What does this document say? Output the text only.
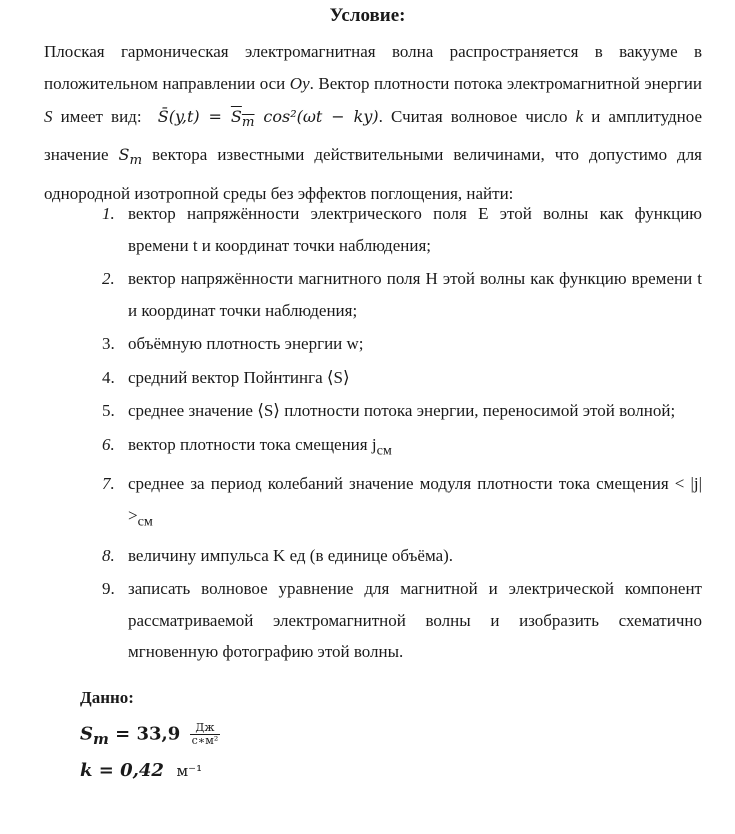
Условие:
Плоская гармоническая электромагнитная волна распространяется в вакууме в положительном направлении оси Oy. Вектор плотности потока электромагнитной энергии S имеет вид:  S̄(y,t) = $S_m$ cos²(ωt − ky). Считая волновое число k и амплитудное значение $S_m$ вектора известными действительными величинами, что допустимо для однородной изотропной среды без эффектов поглощения, найти:
1. вектор напряжённости электрического поля E этой волны как функцию времени t и координат точки наблюдения;
2. вектор напряжённости магнитного поля H этой волны как функцию времени t и координат точки наблюдения;
3. объёмную плотность энергии w;
4. средний вектор Пойнтинга ⟨S⟩
5. среднее значение ⟨S⟩ плотности потока энергии, переносимой этой волной;
6. вектор плотности тока смещения $j_{см}$
7. среднее за период колебаний значение модуля плотности тока смещения < $|j| >_{см}$
8. величину импульса K ед (в единице объёма).
9. записать волновое уравнение для магнитной и электрической компонент рассматриваемой электромагнитной волны и изобразить схематично мгновенную фотографию этой волны.
Данно:
$S_m = 33,9 \frac{Дж}{\text{с∗м²}}$
k = 0,42 м⁻¹
